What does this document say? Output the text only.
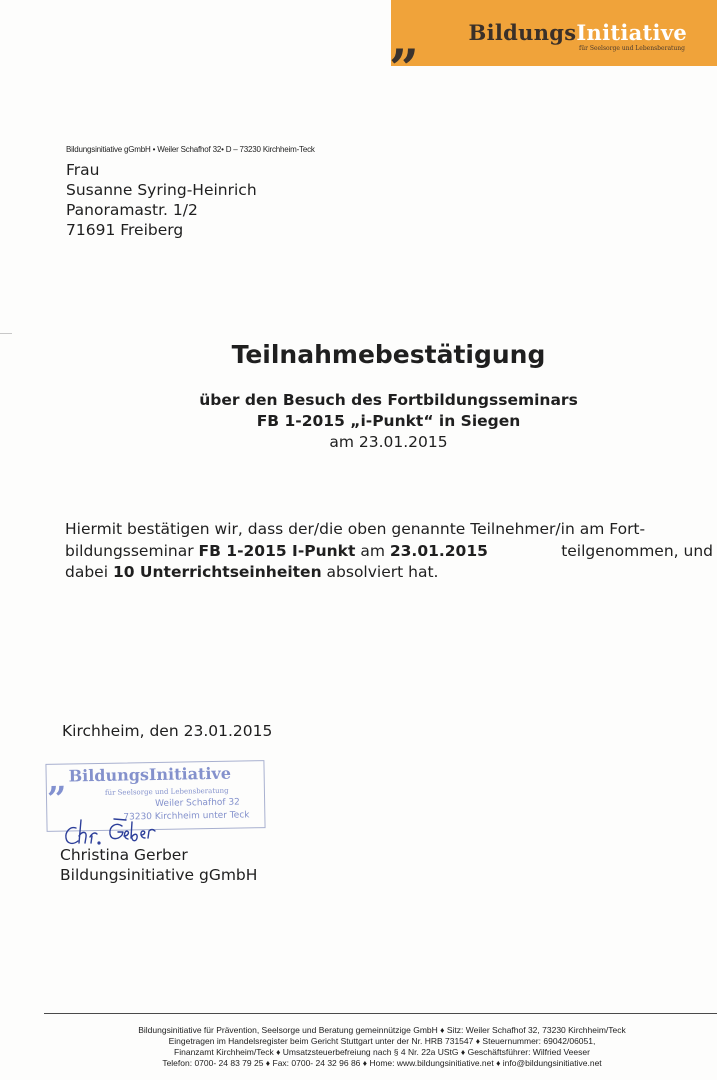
BildungsInitiative
für Seelsorge und Lebensberatung
”
Bildungsinitiative gGmbH • Weiler Schafhof 32• D – 73230 Kirchheim-Teck
Frau
Susanne Syring-Heinrich
Panoramastr. 1/2
71691 Freiberg
Teilnahmebestätigung
über den Besuch des Fortbildungsseminars
FB 1-2015 „i-Punkt“ in Siegen
am 23.01.2015
Hiermit bestätigen wir, dass der/die oben genannte Teilnehmer/in am Fort-
bildungsseminar FB 1-2015 I-Punkt am 23.01.2015	teilgenommen, und
dabei 10 Unterrichtseinheiten absolviert hat.
Kirchheim, den 23.01.2015
BildungsInitiative
für Seelsorge und Lebensberatung
”	Weiler Schafhof 32
73230 Kirchheim unter Teck
Christina Gerber
Bildungsinitiative gGmbH
Bildungsinitiative für Prävention, Seelsorge und Beratung gemeinnützige GmbH ♦ Sitz: Weiler Schafhof 32, 73230 Kirchheim/Teck
Eingetragen im Handelsregister beim Gericht Stuttgart unter der Nr. HRB 731547 ♦ Steuernummer: 69042/06051,
Finanzamt Kirchheim/Teck ♦ Umsatzsteuerbefreiung nach § 4 Nr. 22a UStG ♦ Geschäftsführer: Wilfried Veeser
Telefon: 0700- 24 83 79 25 ♦ Fax: 0700- 24 32 96 86 ♦ Home: www.bildungsinitiative.net ♦ info@bildungsinitiative.net
